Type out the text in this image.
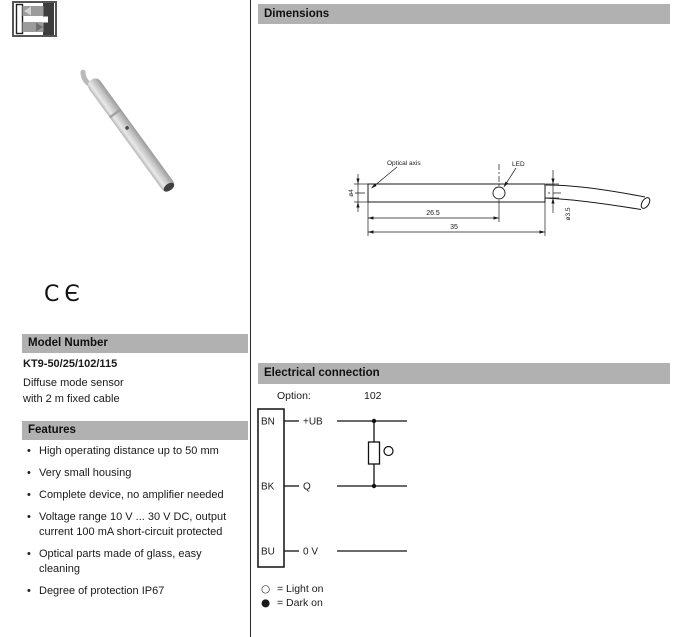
CЄ
Model Number
KT9-50/25/102/115
Diffuse mode sensor
with 2 m fixed cable
Features
• High operating distance up to 50 mm
• Very small housing
• Complete device, no amplifier needed
• Voltage range 10 V ... 30 V DC, output current 100 mA short-circuit protected
• Optical parts made of glass, easy cleaning
• Degree of protection IP67
Dimensions
Optical axis	LED
ø4
ø3.5
26.5
35
Electrical connection
Option:	102
BN	+UB
BK	Q
BU	0 V
○ = Light on
● = Dark on
